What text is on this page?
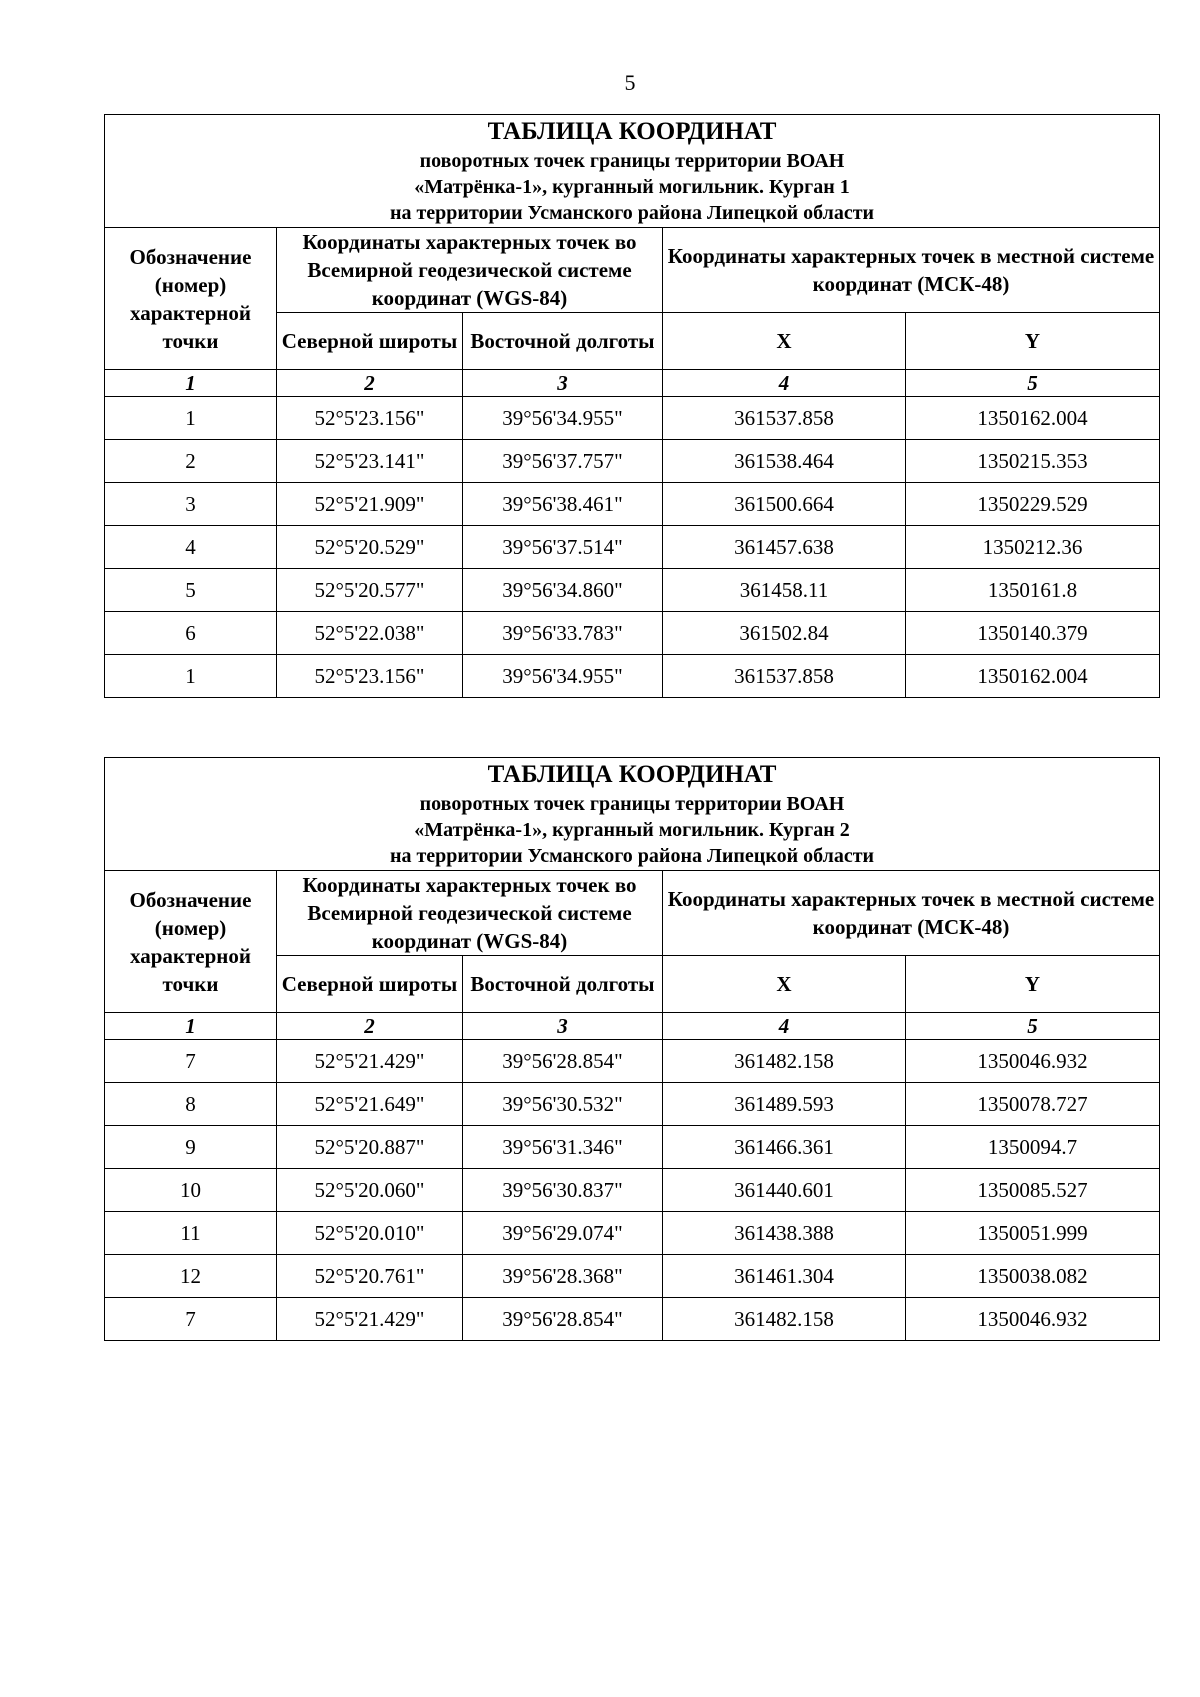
5
ТАБЛИЦА КООРДИНАТ
поворотных точек границы территории ВОАН
«Матрёнка-1», курганный могильник. Курган 1
на территории Усманского района Липецкой области				

Обозначение (номер) характерной точки	Координаты характерных точек во Всемирной геодезической системе координат (WGS-84)		Координаты характерных точек в местной системе координат (МСК-48)	
	Северной широты	Восточной долготы	X	Y
1	2	3	4	5
1	52°5'23.156"	39°56'34.955"	361537.858	1350162.004
2	52°5'23.141"	39°56'37.757"	361538.464	1350215.353
3	52°5'21.909"	39°56'38.461"	361500.664	1350229.529
4	52°5'20.529"	39°56'37.514"	361457.638	1350212.36
5	52°5'20.577"	39°56'34.860"	361458.11	1350161.8
6	52°5'22.038"	39°56'33.783"	361502.84	1350140.379
1	52°5'23.156"	39°56'34.955"	361537.858	1350162.004
ТАБЛИЦА КООРДИНАТ
поворотных точек границы территории ВОАН
«Матрёнка-1», курганный могильник. Курган 2
на территории Усманского района Липецкой области				

Обозначение (номер) характерной точки	Координаты характерных точек во Всемирной геодезической системе координат (WGS-84)		Координаты характерных точек в местной системе координат (МСК-48)	
	Северной широты	Восточной долготы	X	Y
1	2	3	4	5
7	52°5'21.429"	39°56'28.854"	361482.158	1350046.932
8	52°5'21.649"	39°56'30.532"	361489.593	1350078.727
9	52°5'20.887"	39°56'31.346"	361466.361	1350094.7
10	52°5'20.060"	39°56'30.837"	361440.601	1350085.527
11	52°5'20.010"	39°56'29.074"	361438.388	1350051.999
12	52°5'20.761"	39°56'28.368"	361461.304	1350038.082
7	52°5'21.429"	39°56'28.854"	361482.158	1350046.932
